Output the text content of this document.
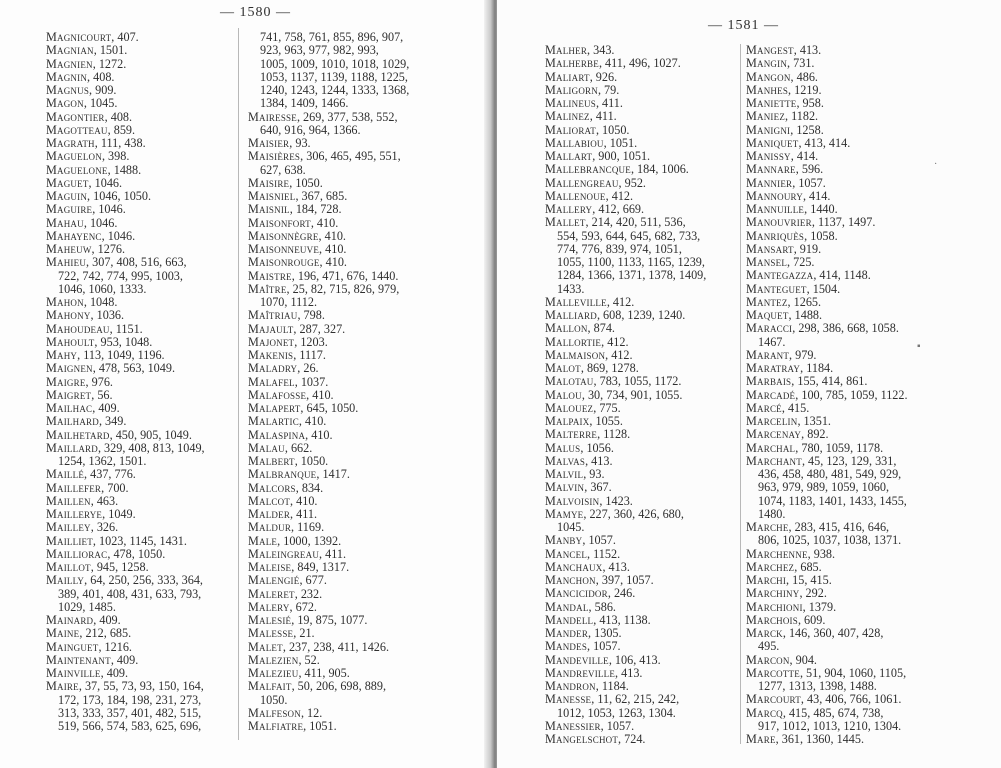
— 1580 —
Magnicourt, 407.
Magnian, 1501.
Magnien, 1272.
Magnin, 408.
Magnus, 909.
Magon, 1045.
Magontier, 408.
Magotteau, 859.
Magrath, 111, 438.
Maguelon, 398.
Maguelone, 1488.
Maguet, 1046.
Maguin, 1046, 1050.
Maguire, 1046.
Mahau, 1046.
Mahayenc, 1046.
Maheuw, 1276.
Mahieu, 307, 408, 516, 663,
722, 742, 774, 995, 1003,
1046, 1060, 1333.
Mahon, 1048.
Mahony, 1036.
Mahoudeau, 1151.
Mahoult, 953, 1048.
Mahy, 113, 1049, 1196.
Maignen, 478, 563, 1049.
Maigre, 976.
Maigret, 56.
Mailhac, 409.
Mailhard, 349.
Mailhetard, 450, 905, 1049.
Maillard, 329, 408, 813, 1049,
1254, 1362, 1501.
Maillé, 437, 776.
Maillefer, 700.
Maillen, 463.
Maillerye, 1049.
Mailley, 326.
Mailliet, 1023, 1145, 1431.
Mailliorac, 478, 1050.
Maillot, 945, 1258.
Mailly, 64, 250, 256, 333, 364,
389, 401, 408, 431, 633, 793,
1029, 1485.
Mainard, 409.
Maine, 212, 685.
Mainguet, 1216.
Maintenant, 409.
Mainville, 409.
Maire, 37, 55, 73, 93, 150, 164,
172, 173, 184, 198, 231, 273,
313, 333, 357, 401, 482, 515,
519, 566, 574, 583, 625, 696,
741, 758, 761, 855, 896, 907,
923, 963, 977, 982, 993,
1005, 1009, 1010, 1018, 1029,
1053, 1137, 1139, 1188, 1225,
1240, 1243, 1244, 1333, 1368,
1384, 1409, 1466.
Mairesse, 269, 377, 538, 552,
640, 916, 964, 1366.
Maisier, 93.
Maisières, 306, 465, 495, 551,
627, 638.
Maisire, 1050.
Maisniel, 367, 685.
Maisnil, 184, 728.
Maisonfort, 410.
Maisonnègre, 410.
Maisonneuve, 410.
Maisonrouge, 410.
Maistre, 196, 471, 676, 1440.
Maître, 25, 82, 715, 826, 979,
1070, 1112.
Maîtriau, 798.
Majault, 287, 327.
Majonet, 1203.
Makenis, 1117.
Maladry, 26.
Malafel, 1037.
Malafosse, 410.
Malapert, 645, 1050.
Malartic, 410.
Malaspina, 410.
Malau, 662.
Malbert, 1050.
Malbranque, 1417.
Malcors, 834.
Malcot, 410.
Malder, 411.
Maldur, 1169.
Male, 1000, 1392.
Maleingreau, 411.
Maleise, 849, 1317.
Malengié, 677.
Maleret, 232.
Malery, 672.
Malesié, 19, 875, 1077.
Malesse, 21.
Malet, 237, 238, 411, 1426.
Malezien, 52.
Malezieu, 411, 905.
Malfait, 50, 206, 698, 889,
1050.
Malfeson, 12.
Malfiatre, 1051.
— 1581 —
Malher, 343.
Malherbe, 411, 496, 1027.
Maliart, 926.
Maligorn, 79.
Malineus, 411.
Malinez, 411.
Maliorat, 1050.
Mallabiou, 1051.
Mallart, 900, 1051.
Mallebrancque, 184, 1006.
Mallengreau, 952.
Mallenoue, 412.
Mallery, 412, 669.
Mallet, 214, 420, 511, 536,
554, 593, 644, 645, 682, 733,
774, 776, 839, 974, 1051,
1055, 1100, 1133, 1165, 1239,
1284, 1366, 1371, 1378, 1409,
1433.
Malleville, 412.
Malliard, 608, 1239, 1240.
Mallon, 874.
Mallortie, 412.
Malmaison, 412.
Malot, 869, 1278.
Malotau, 783, 1055, 1172.
Malou, 30, 734, 901, 1055.
Malouez, 775.
Malpaix, 1055.
Malterre, 1128.
Malus, 1056.
Malvas, 413.
Malvil, 93.
Malvin, 367.
Malvoisin, 1423.
Mamye, 227, 360, 426, 680,
1045.
Manby, 1057.
Mancel, 1152.
Manchaux, 413.
Manchon, 397, 1057.
Mancicidor, 246.
Mandal, 586.
Mandell, 413, 1138.
Mander, 1305.
Mandes, 1057.
Mandeville, 106, 413.
Mandreville, 413.
Mandron, 1184.
Manesse, 11, 62, 215, 242,
1012, 1053, 1263, 1304.
Manessier, 1057.
Mangelschot, 724.
Mangest, 413.
Mangin, 731.
Mangon, 486.
Manhes, 1219.
Maniette, 958.
Maniez, 1182.
Manigni, 1258.
Maniquet, 413, 414.
Manissy, 414.
Mannare, 596.
Mannier, 1057.
Mannoury, 414.
Mannuille, 1440.
Manouvrier, 1137, 1497.
Manriquès, 1058.
Mansart, 919.
Mansel, 725.
Mantegazza, 414, 1148.
Manteguet, 1504.
Mantez, 1265.
Maquet, 1488.
Maracci, 298, 386, 668, 1058.
1467.
Marant, 979.
Maratray, 1184.
Marbais, 155, 414, 861.
Marcadé, 100, 785, 1059, 1122.
Marcé, 415.
Marcelin, 1351.
Marcenay, 892.
Marchal, 780, 1059, 1178.
Marchant, 45, 123, 129, 331,
436, 458, 480, 481, 549, 929,
963, 979, 989, 1059, 1060,
1074, 1183, 1401, 1433, 1455,
1480.
Marche, 283, 415, 416, 646,
806, 1025, 1037, 1038, 1371.
Marchenne, 938.
Marchez, 685.
Marchi, 15, 415.
Marchiny, 292.
Marchioni, 1379.
Marchois, 609.
Marck, 146, 360, 407, 428,
495.
Marcon, 904.
Marcotte, 51, 904, 1060, 1105,
1277, 1313, 1398, 1488.
Marcourt, 43, 406, 766, 1061.
Marcq, 415, 485, 674, 738,
917, 1012, 1013, 1210, 1304.
Mare, 361, 1360, 1445.
▪
·
